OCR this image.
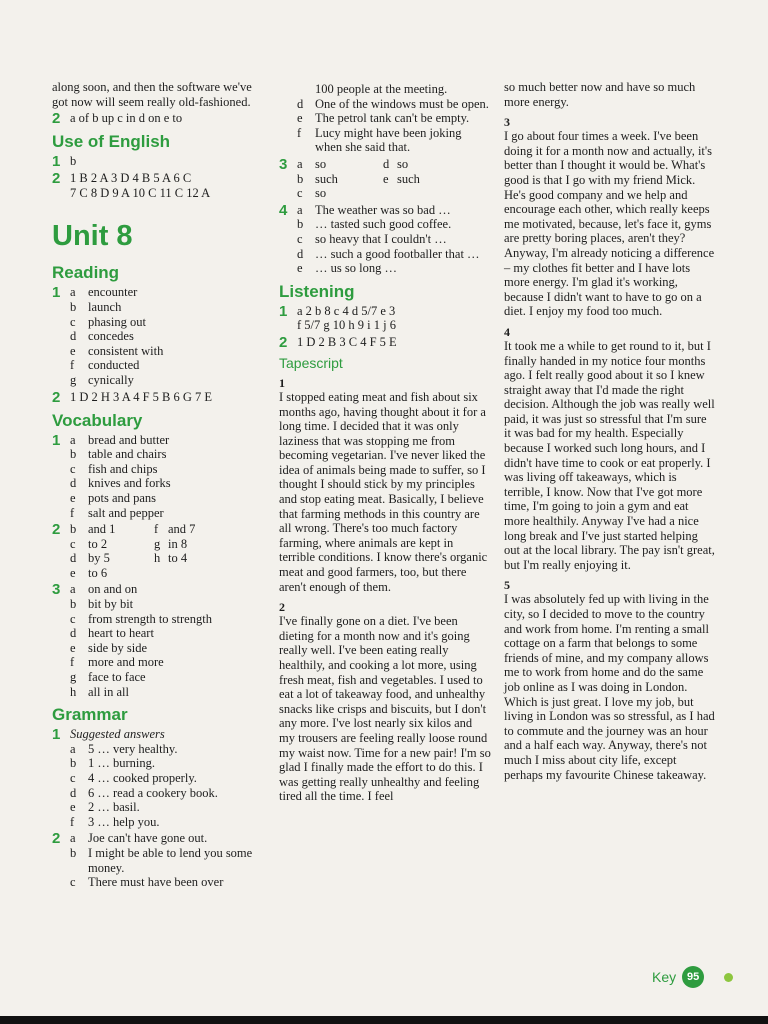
along soon, and then the software we've got now will seem really old-fashioned.

2 a of b up c in d on e to
Use of English
1 b
2 1 B 2 A 3 D 4 B 5 A 6 C
7 C 8 D 9 A 10 C 11 C 12 A
Unit 8
Reading
1 a encounter
b launch
c phasing out
d concedes
e consistent with
f	conducted
g cynically
2 1 D 2 H 3 A 4 F 5 B 6 G 7 E
Vocabulary
1 a bread and butter
b table and chairs
c fish and chips
d knives and forks
e pots and pans
f	salt and pepper
2 b and 1	f and 7
c to 2	g in 8
d by 5	h to 4
e to 6
3 a on and on
b bit by bit
c from strength to strength
d heart to heart
e side by side
f	more and more
g face to face
h all in all
Grammar
1 Suggested answers
a 5 … very healthy.
b 1 … burning.
c 4 … cooked properly.
d 6 … read a cookery book.
e 2 … basil.
f	3 … help you.
2 a Joe can't have gone out.
b I might be able to lend you some money.
c There must have been over
100 people at the meeting.
d One of the windows must be open.
e The petrol tank can't be empty.
f	Lucy might have been joking when she said that.
3 a so	d so
b such	e such
c so
4 a The weather was so bad …
b … tasted such good coffee.
c so heavy that I couldn't …
d … such a good footballer that …
e … us so long …
Listening
1 a 2 b 8 c 4 d 5/7 e 3
f 5/7 g 10 h 9 i 1 j 6
2 1 D 2 B 3 C 4 F 5 E
Tapescript
1

I stopped eating meat and fish about six months ago, having thought about it for a long time. I decided that it was only laziness that was stopping me from becoming vegetarian. I've never liked the idea of animals being made to suffer, so I thought I should stick by my principles and stop eating meat. Basically, I believe that farming methods in this country are all wrong. There's too much factory farming, where animals are kept in terrible conditions. I know there's organic meat and good farmers, too, but there aren't enough of them.

2

I've finally gone on a diet. I've been dieting for a month now and it's going really well. I've been eating really healthily, and cooking a lot more, using fresh meat, fish and vegetables. I used to eat a lot of takeaway food, and unhealthy snacks like crisps and biscuits, but I don't any more. I've lost nearly six kilos and my trousers are feeling really loose round my waist now. Time for a new pair! I'm so glad I finally made the effort to do this. I was getting really unhealthy and feeling tired all the time. I feel

so much better now and have so much more energy.

3

I go about four times a week. I've been doing it for a month now and actually, it's better than I thought it would be. What's good is that I go with my friend Mick. He's good company and we help and encourage each other, which really keeps me motivated, because, let's face it, gyms are pretty boring places, aren't they? Anyway, I'm already noticing a difference – my clothes fit better and I have lots more energy. I'm glad it's working, because I didn't want to have to go on a diet. I enjoy my food too much.

4

It took me a while to get round to it, but I finally handed in my notice four months ago. I felt really good about it so I knew straight away that I'd made the right decision. Although the job was really well paid, it was just so stressful that I'm sure it was bad for my health. Especially because I worked such long hours, and I didn't have time to cook or eat properly. I was living off takeaways, which is terrible, I know. Now that I've got more time, I'm going to join a gym and eat more healthily. Anyway I've had a nice long break and I've just started helping out at the local library. The pay isn't great, but I'm really enjoying it.

5

I was absolutely fed up with living in the city, so I decided to move to the country and work from home. I'm renting a small cottage on a farm that belongs to some friends of mine, and my company allows me to work from home and do the same job online as I was doing in London. Which is just great. I love my job, but living in London was so stressful, as I had to commute and the journey was an hour and a half each way. Anyway, there's not much I miss about city life, except perhaps my favourite Chinese takeaway.

Key 95
